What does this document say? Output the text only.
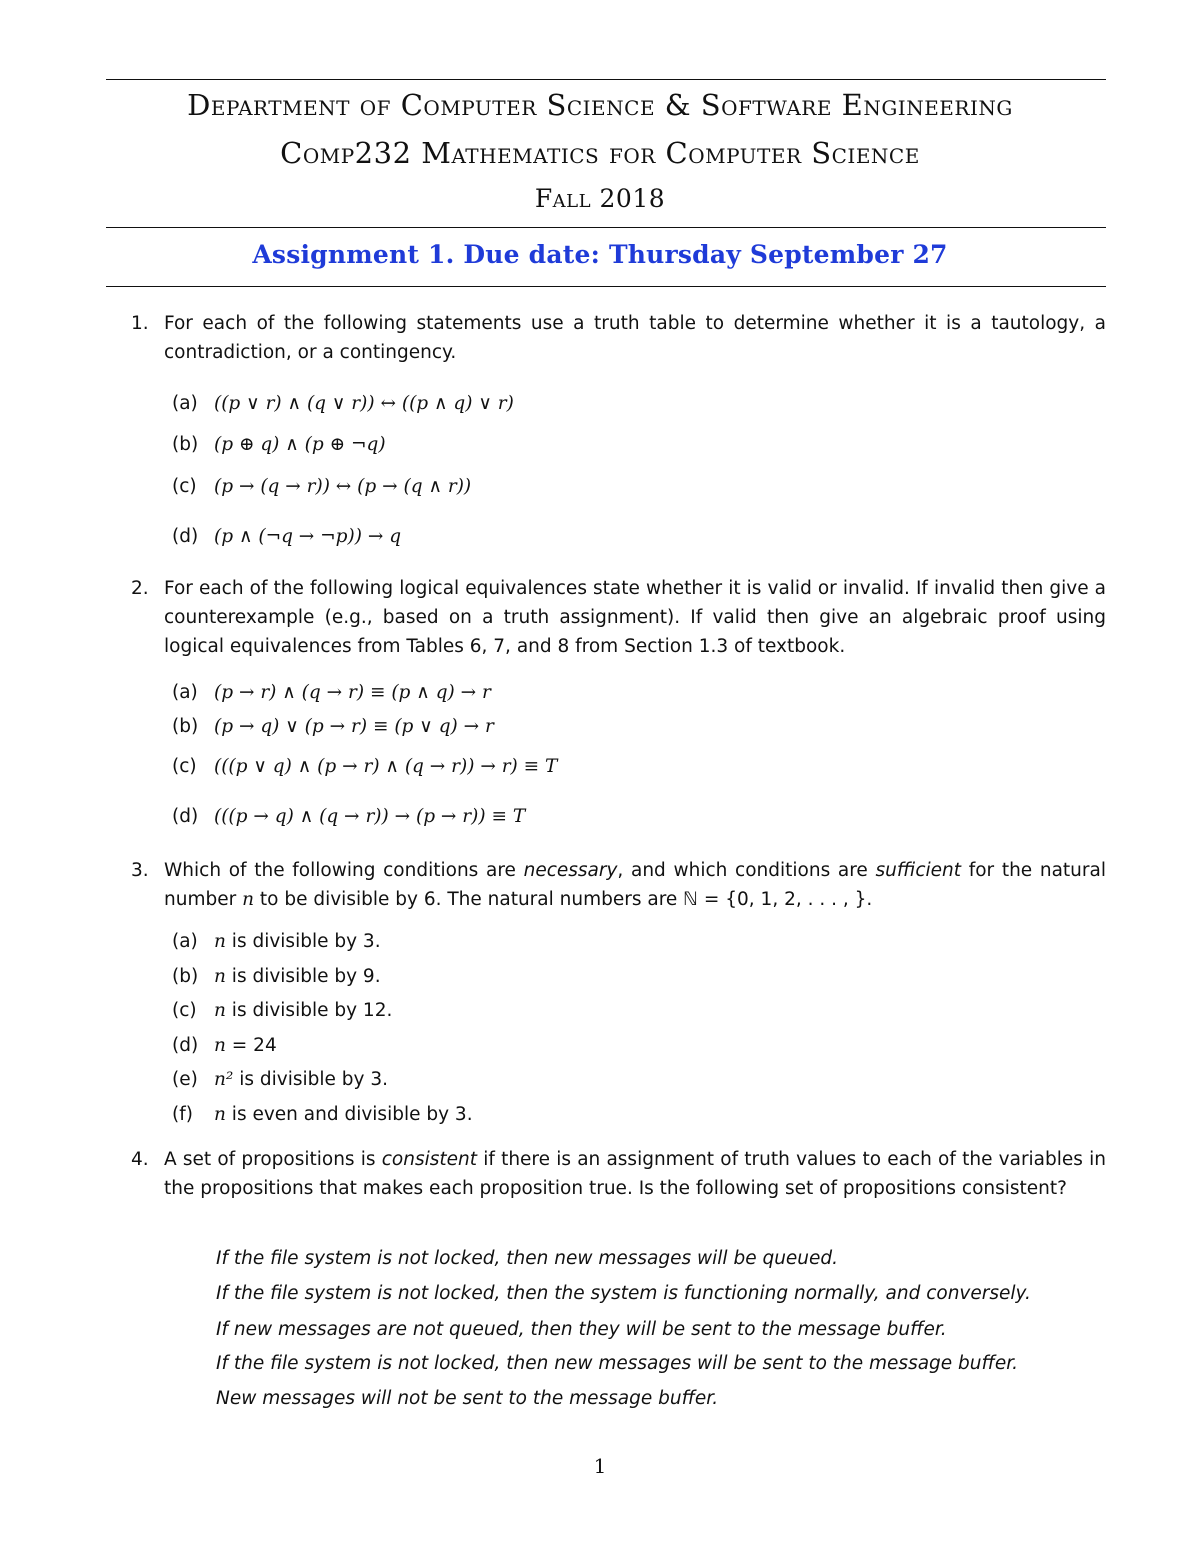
Department of Computer Science & Software Engineering
Comp232 Mathematics for Computer Science
Fall 2018
Assignment 1. Due date: Thursday September 27
1. For each of the following statements use a truth table to determine whether it is a tautology, a contradiction, or a contingency.
(a) ((p ∨ r) ∧ (q ∨ r)) ↔ ((p ∧ q) ∨ r)
(b) (p ⊕ q) ∧ (p ⊕ ¬q)
(c) (p → (q → r)) ↔ (p → (q ∧ r))
(d) (p ∧ (¬q → ¬p)) → q
2. For each of the following logical equivalences state whether it is valid or invalid. If invalid then give a counterexample (e.g., based on a truth assignment). If valid then give an algebraic proof using logical equivalences from Tables 6, 7, and 8 from Section 1.3 of textbook.
(a) (p → r) ∧ (q → r) ≡ (p ∧ q) → r
(b) (p → q) ∨ (p → r) ≡ (p ∨ q) → r
(c) (((p ∨ q) ∧ (p → r) ∧ (q → r)) → r) ≡ T
(d) (((p → q) ∧ (q → r)) → (p → r)) ≡ T
3. Which of the following conditions are necessary, and which conditions are sufficient for the natural number n to be divisible by 6. The natural numbers are ℕ = {0, 1, 2, . . . , }.
(a) n is divisible by 3.
(b) n is divisible by 9.
(c) n is divisible by 12.
(d) n = 24
(e) n² is divisible by 3.
(f) n is even and divisible by 3.
4. A set of propositions is consistent if there is an assignment of truth values to each of the variables in the propositions that makes each proposition true. Is the following set of propositions consistent?
If the file system is not locked, then new messages will be queued.
If the file system is not locked, then the system is functioning normally, and conversely.
If new messages are not queued, then they will be sent to the message buffer.
If the file system is not locked, then new messages will be sent to the message buffer.
New messages will not be sent to the message buffer.
1
